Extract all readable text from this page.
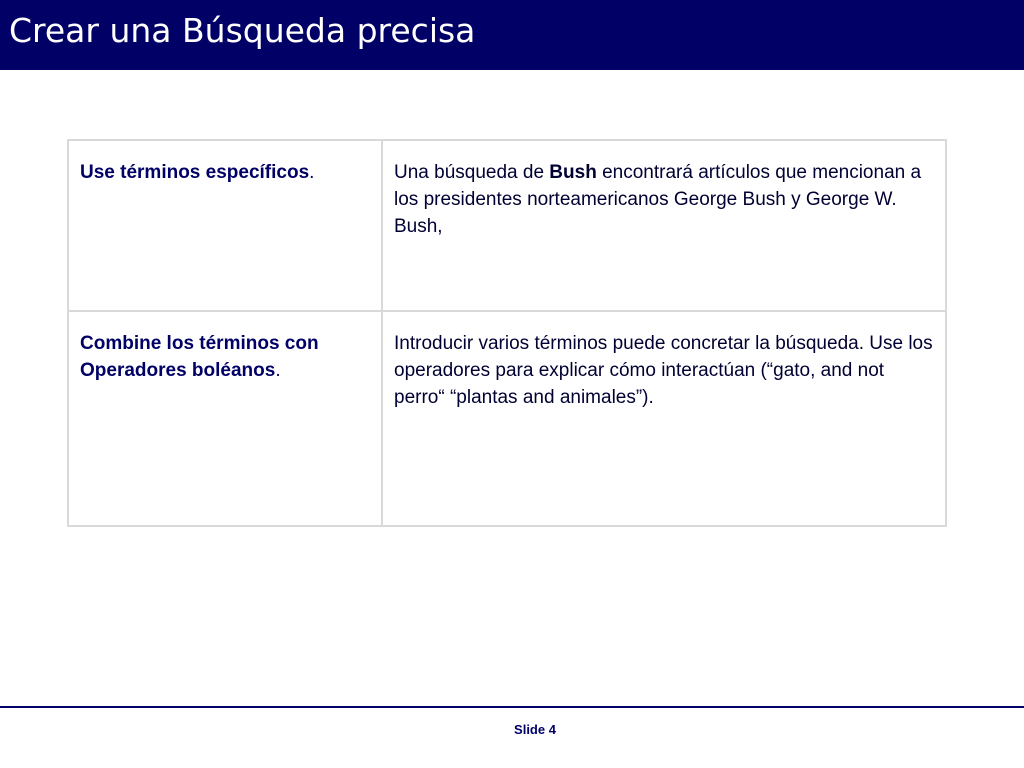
Crear una Búsqueda precisa
Use términos específicos.	Una búsqueda de Bush encontrará artículos que mencionan a los presidentes norteamericanos George Bush y George W. Bush,
Combine los términos con Operadores boléanos.	Introducir varios términos puede concretar la búsqueda. Use los operadores para explicar cómo interactúan (“gato, and not perro“ “plantas and animales”).
Slide 4
